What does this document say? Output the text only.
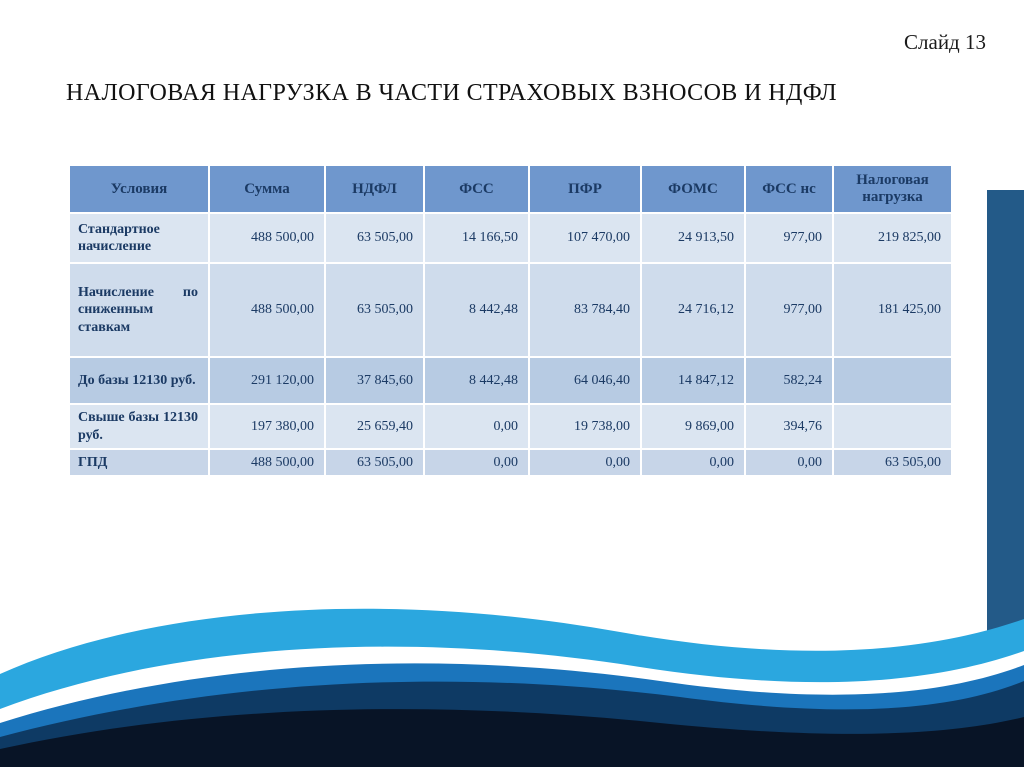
Слайд 13
НАЛОГОВАЯ НАГРУЗКА В ЧАСТИ СТРАХОВЫХ ВЗНОСОВ И НДФЛ
Условия	Сумма	НДФЛ	ФСС	ПФР	ФОМС	ФСС нс	Налоговая нагрузка
Стандартное начисление	488 500,00	63 505,00	14 166,50	107 470,00	24 913,50	977,00	219 825,00
Начисление по сниженным ставкам	488 500,00	63 505,00	8 442,48	83 784,40	24 716,12	977,00	181 425,00
До базы 12130 руб.	291 120,00	37 845,60	8 442,48	64 046,40	14 847,12	582,24	
Свыше базы 12130 руб.	197 380,00	25 659,40	0,00	19 738,00	9 869,00	394,76	
ГПД	488 500,00	63 505,00	0,00	0,00	0,00	0,00	63 505,00
